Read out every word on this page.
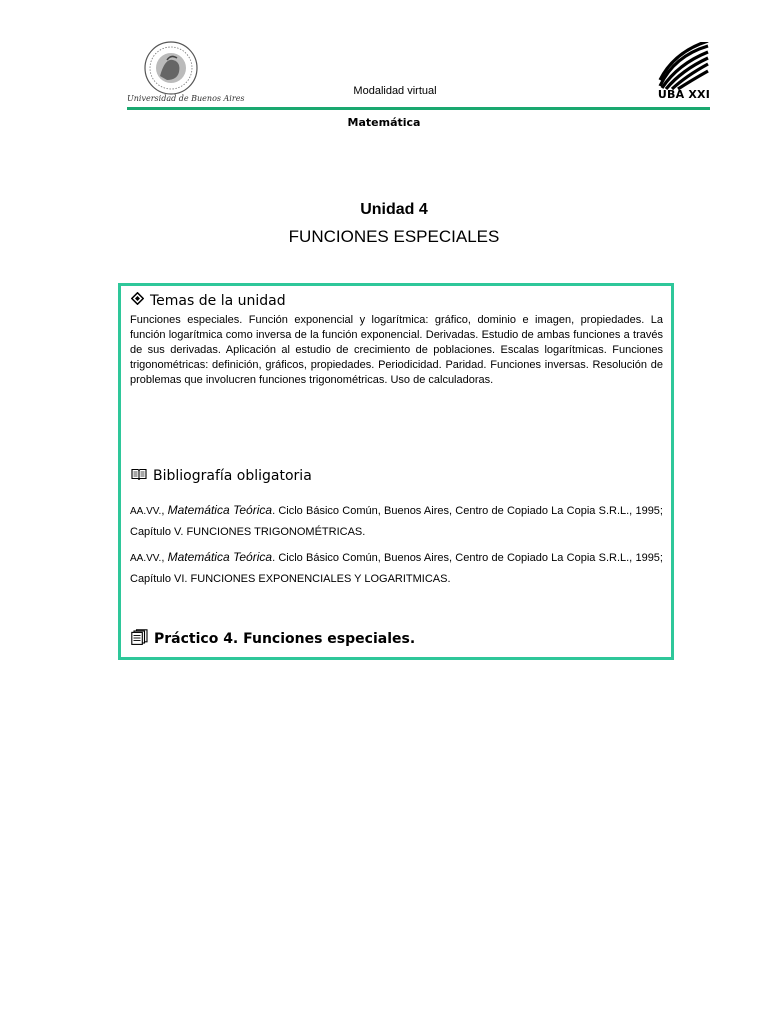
Universidad de Buenos Aires
Modalidad virtual	UBA XXI
Matemática
Unidad 4
FUNCIONES ESPECIALES
Temas de la unidad
Funciones especiales. Función exponencial y logarítmica: gráfico, dominio e imagen, propiedades. La función logarítmica como inversa de la función exponencial. Derivadas. Estudio de ambas funciones a través de sus derivadas. Aplicación al estudio de crecimiento de poblaciones. Escalas logarítmicas. Funciones trigonométricas: definición, gráficos, propiedades. Periodicidad. Paridad. Funciones inversas. Resolución de problemas que involucren funciones trigonométricas. Uso de calculadoras.
Bibliografía obligatoria
AA.VV., Matemática Teórica. Ciclo Básico Común, Buenos Aires, Centro de Copiado La Copia S.R.L., 1995; Capítulo V. FUNCIONES TRIGONOMÉTRICAS.
AA.VV., Matemática Teórica. Ciclo Básico Común, Buenos Aires, Centro de Copiado La Copia S.R.L., 1995; Capítulo VI. FUNCIONES EXPONENCIALES Y LOGARITMICAS.
Práctico 4. Funciones especiales.
